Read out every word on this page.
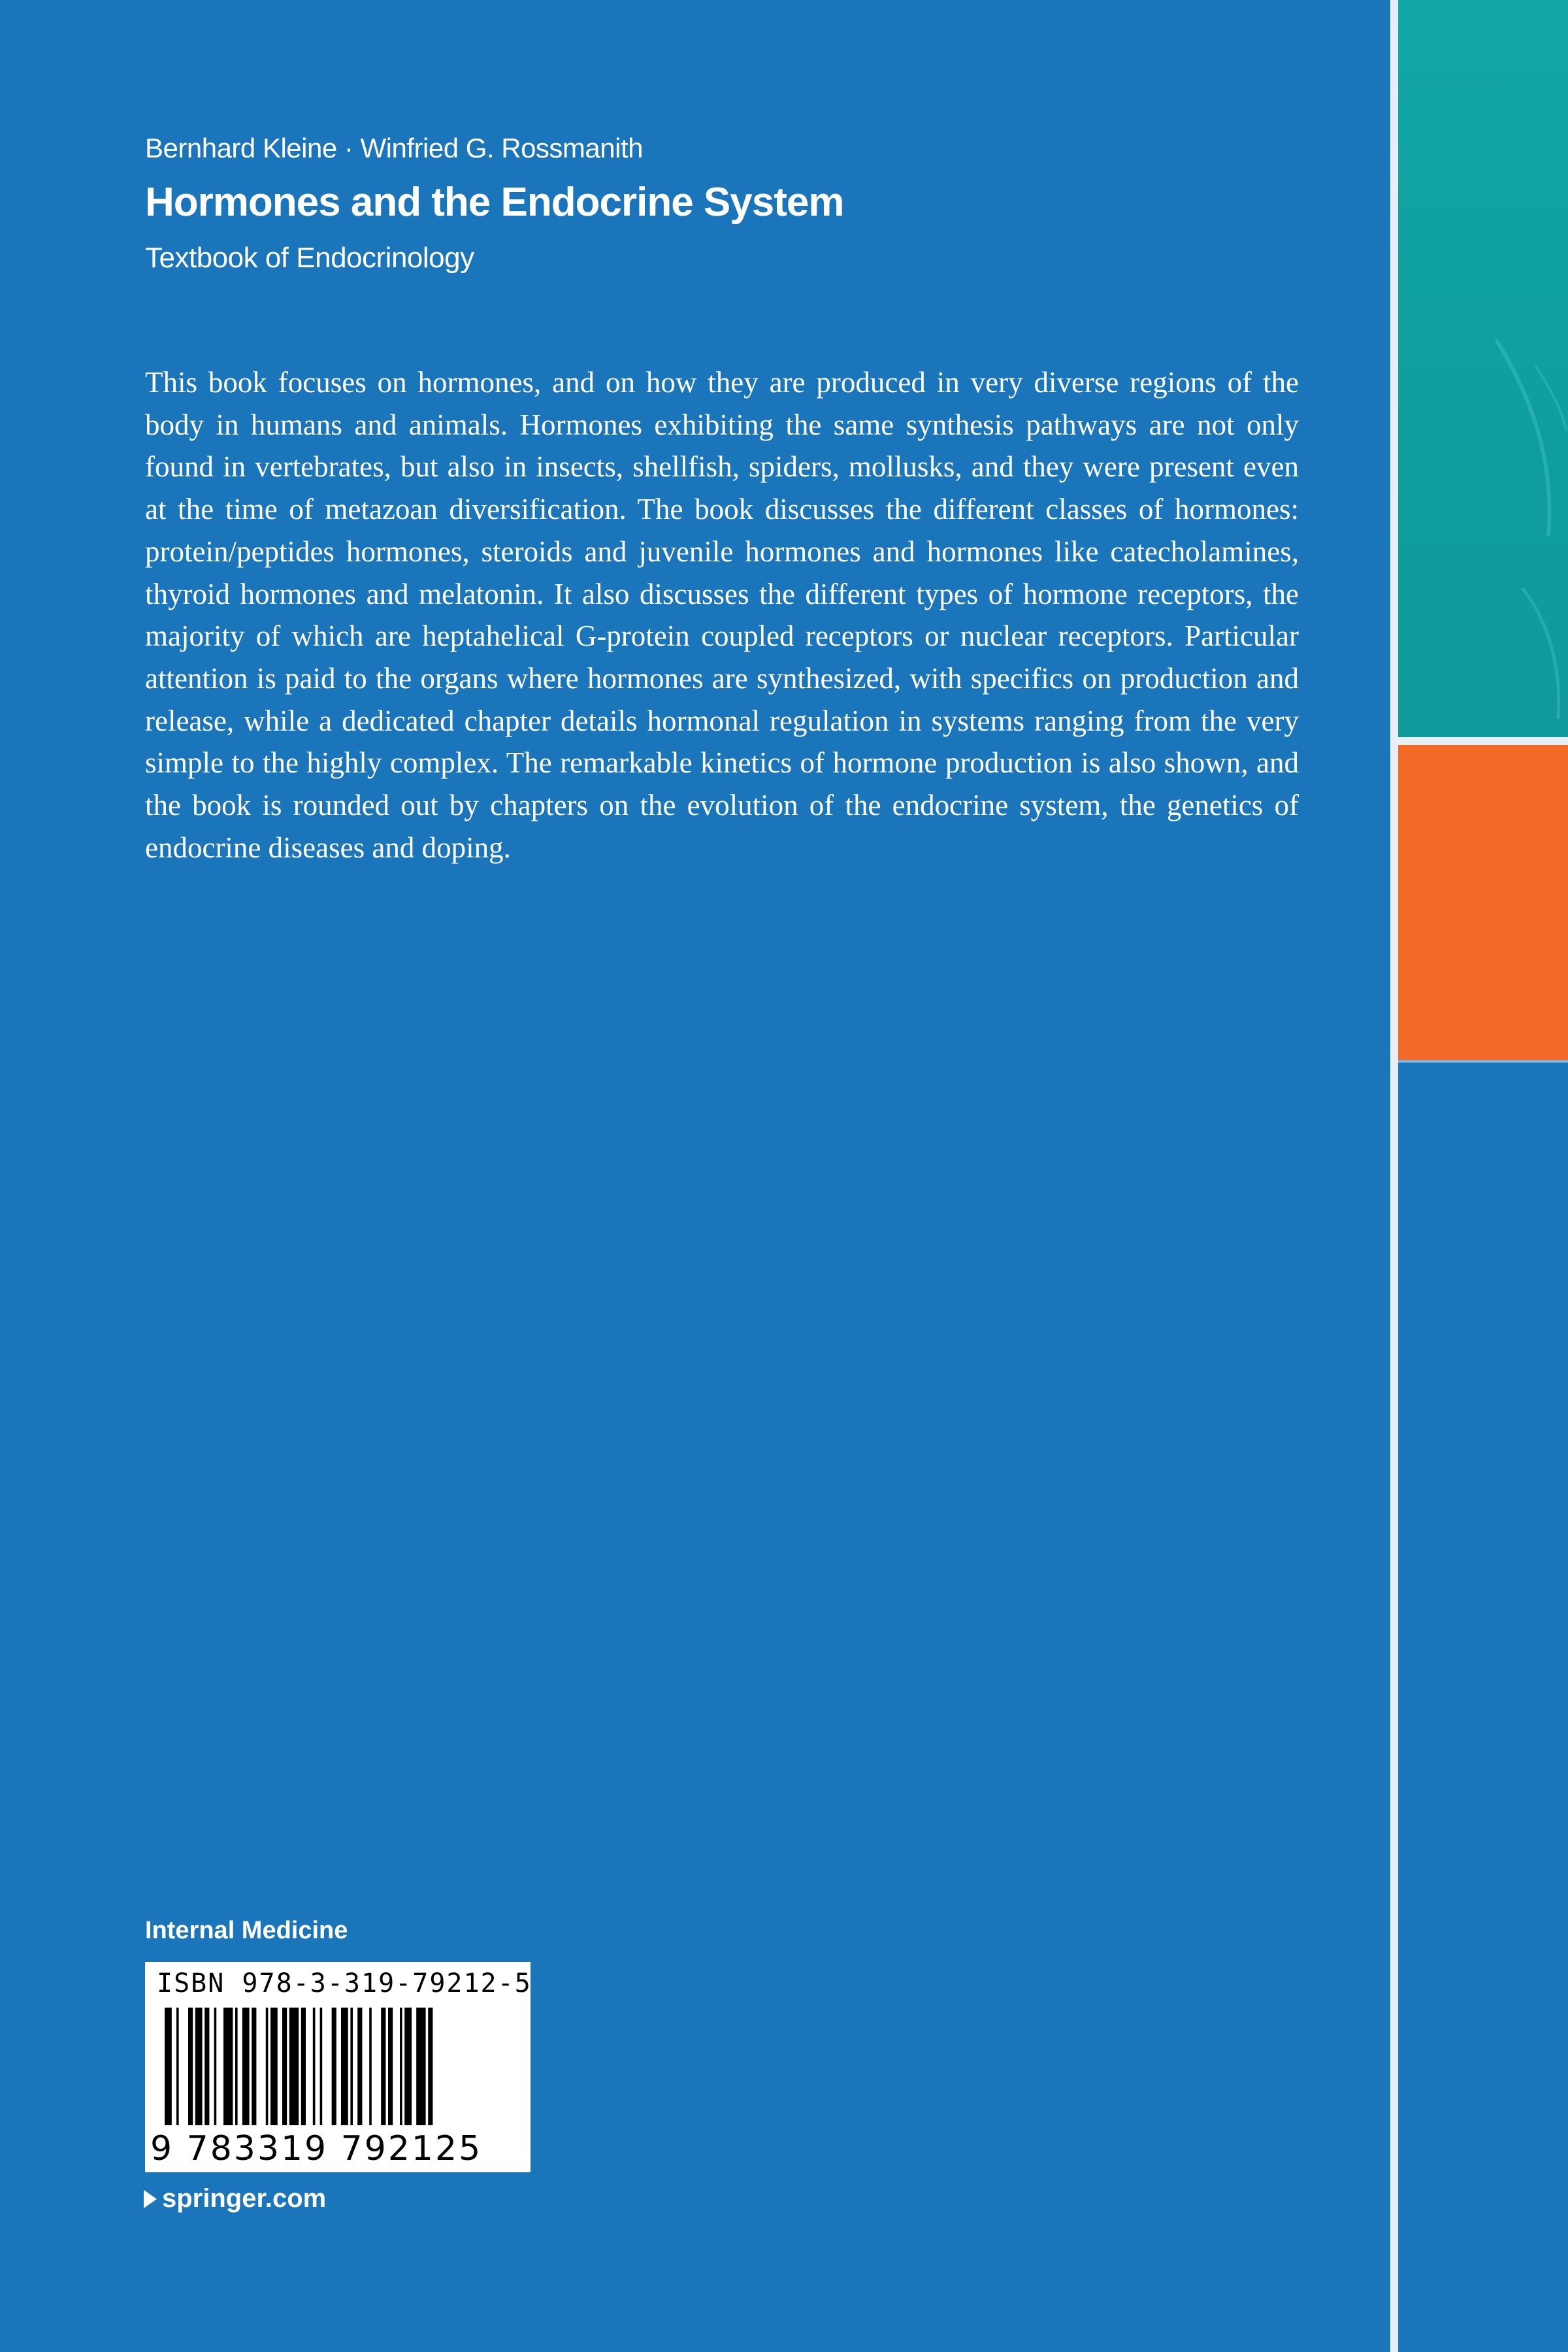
Bernhard Kleine · Winfried G. Rossmanith
Hormones and the Endocrine System
Textbook of Endocrinology

This book focuses on hormones, and on how they are produced in very diverse regions of the body in humans and animals. Hormones exhibiting the same synthesis pathways are not only found in vertebrates, but also in insects, shellfish, spiders, mollusks, and they were present even at the time of metazoan diversification. The book discusses the different classes of hormones: protein/peptides hormones, steroids and juvenile hormones and hormones like catecholamines, thyroid hormones and melatonin. It also discusses the different types of hormone receptors, the majority of which are heptahelical G-protein coupled receptors or nuclear receptors. Particular attention is paid to the organs where hormones are synthesized, with specifics on production and release, while a dedicated chapter details hormonal regulation in systems ranging from the very simple to the highly complex. The remarkable kinetics of hormone production is also shown, and the book is rounded out by chapters on the evolution of the endocrine system, the genetics of endocrine diseases and doping.

Internal Medicine
ISBN 978-3-319-79212-5
9 783319 792125
springer.com
